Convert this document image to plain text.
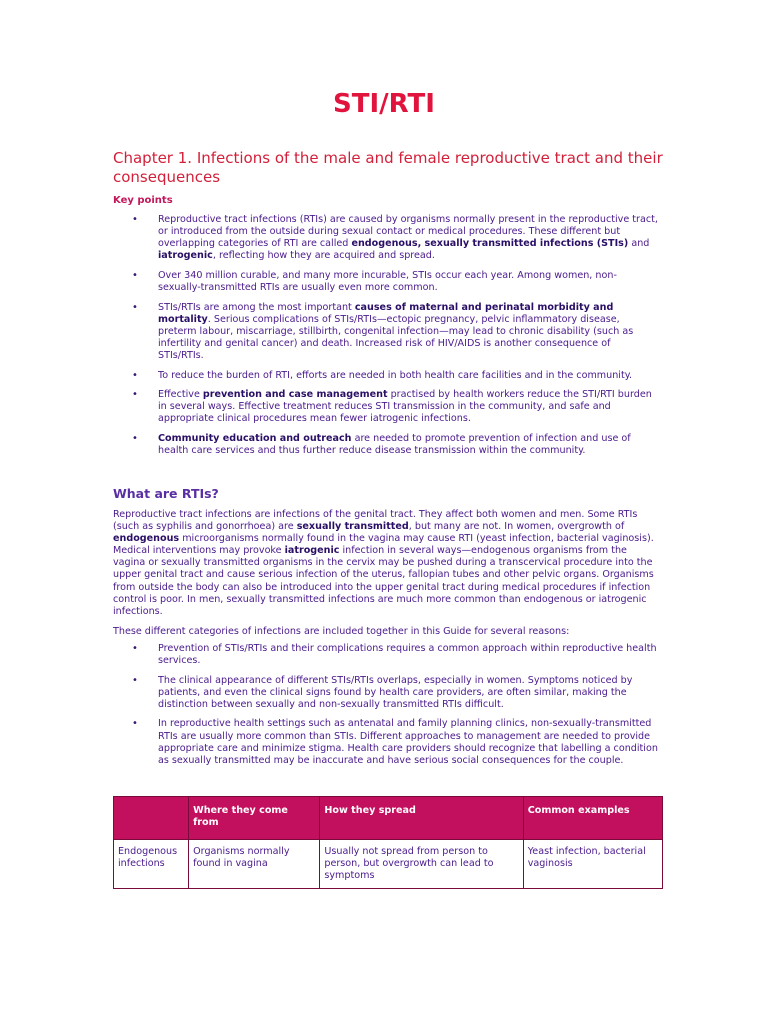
STI/RTI
Chapter 1. Infections of the male and female reproductive tract and their consequences
Key points
• Reproductive tract infections (RTIs) are caused by organisms normally present in the reproductive tract, or introduced from the outside during sexual contact or medical procedures. These different but overlapping categories of RTI are called endogenous, sexually transmitted infections (STIs) and iatrogenic, reflecting how they are acquired and spread.
• Over 340 million curable, and many more incurable, STIs occur each year. Among women, non-sexually-transmitted RTIs are usually even more common.
• STIs/RTIs are among the most important causes of maternal and perinatal morbidity and mortality. Serious complications of STIs/RTIs—ectopic pregnancy, pelvic inflammatory disease, preterm labour, miscarriage, stillbirth, congenital infection—may lead to chronic disability (such as infertility and genital cancer) and death. Increased risk of HIV/AIDS is another consequence of STIs/RTIs.
• To reduce the burden of RTI, efforts are needed in both health care facilities and in the community.
• Effective prevention and case management practised by health workers reduce the STI/RTI burden in several ways. Effective treatment reduces STI transmission in the community, and safe and appropriate clinical procedures mean fewer iatrogenic infections.
• Community education and outreach are needed to promote prevention of infection and use of health care services and thus further reduce disease transmission within the community.
What are RTIs?

Reproductive tract infections are infections of the genital tract. They affect both women and men. Some RTIs (such as syphilis and gonorrhoea) are sexually transmitted, but many are not. In women, overgrowth of endogenous microorganisms normally found in the vagina may cause RTI (yeast infection, bacterial vaginosis). Medical interventions may provoke iatrogenic infection in several ways—endogenous organisms from the vagina or sexually transmitted organisms in the cervix may be pushed during a transcervical procedure into the upper genital tract and cause serious infection of the uterus, fallopian tubes and other pelvic organs. Organisms from outside the body can also be introduced into the upper genital tract during medical procedures if infection control is poor. In men, sexually transmitted infections are much more common than endogenous or iatrogenic infections.

These different categories of infections are included together in this Guide for several reasons:

• Prevention of STIs/RTIs and their complications requires a common approach within reproductive health services.
• The clinical appearance of different STIs/RTIs overlaps, especially in women. Symptoms noticed by patients, and even the clinical signs found by health care providers, are often similar, making the distinction between sexually and non-sexually transmitted RTIs difficult.
• In reproductive health settings such as antenatal and family planning clinics, non-sexually-transmitted RTIs are usually more common than STIs. Different approaches to management are needed to provide appropriate care and minimize stigma. Health care providers should recognize that labelling a condition as sexually transmitted may be inaccurate and have serious social consequences for the couple.
	Where they come from	How they spread	Common examples
Endogenous infections	Organisms normally found in vagina	Usually not spread from person to person, but overgrowth can lead to symptoms	Yeast infection, bacterial vaginosis
